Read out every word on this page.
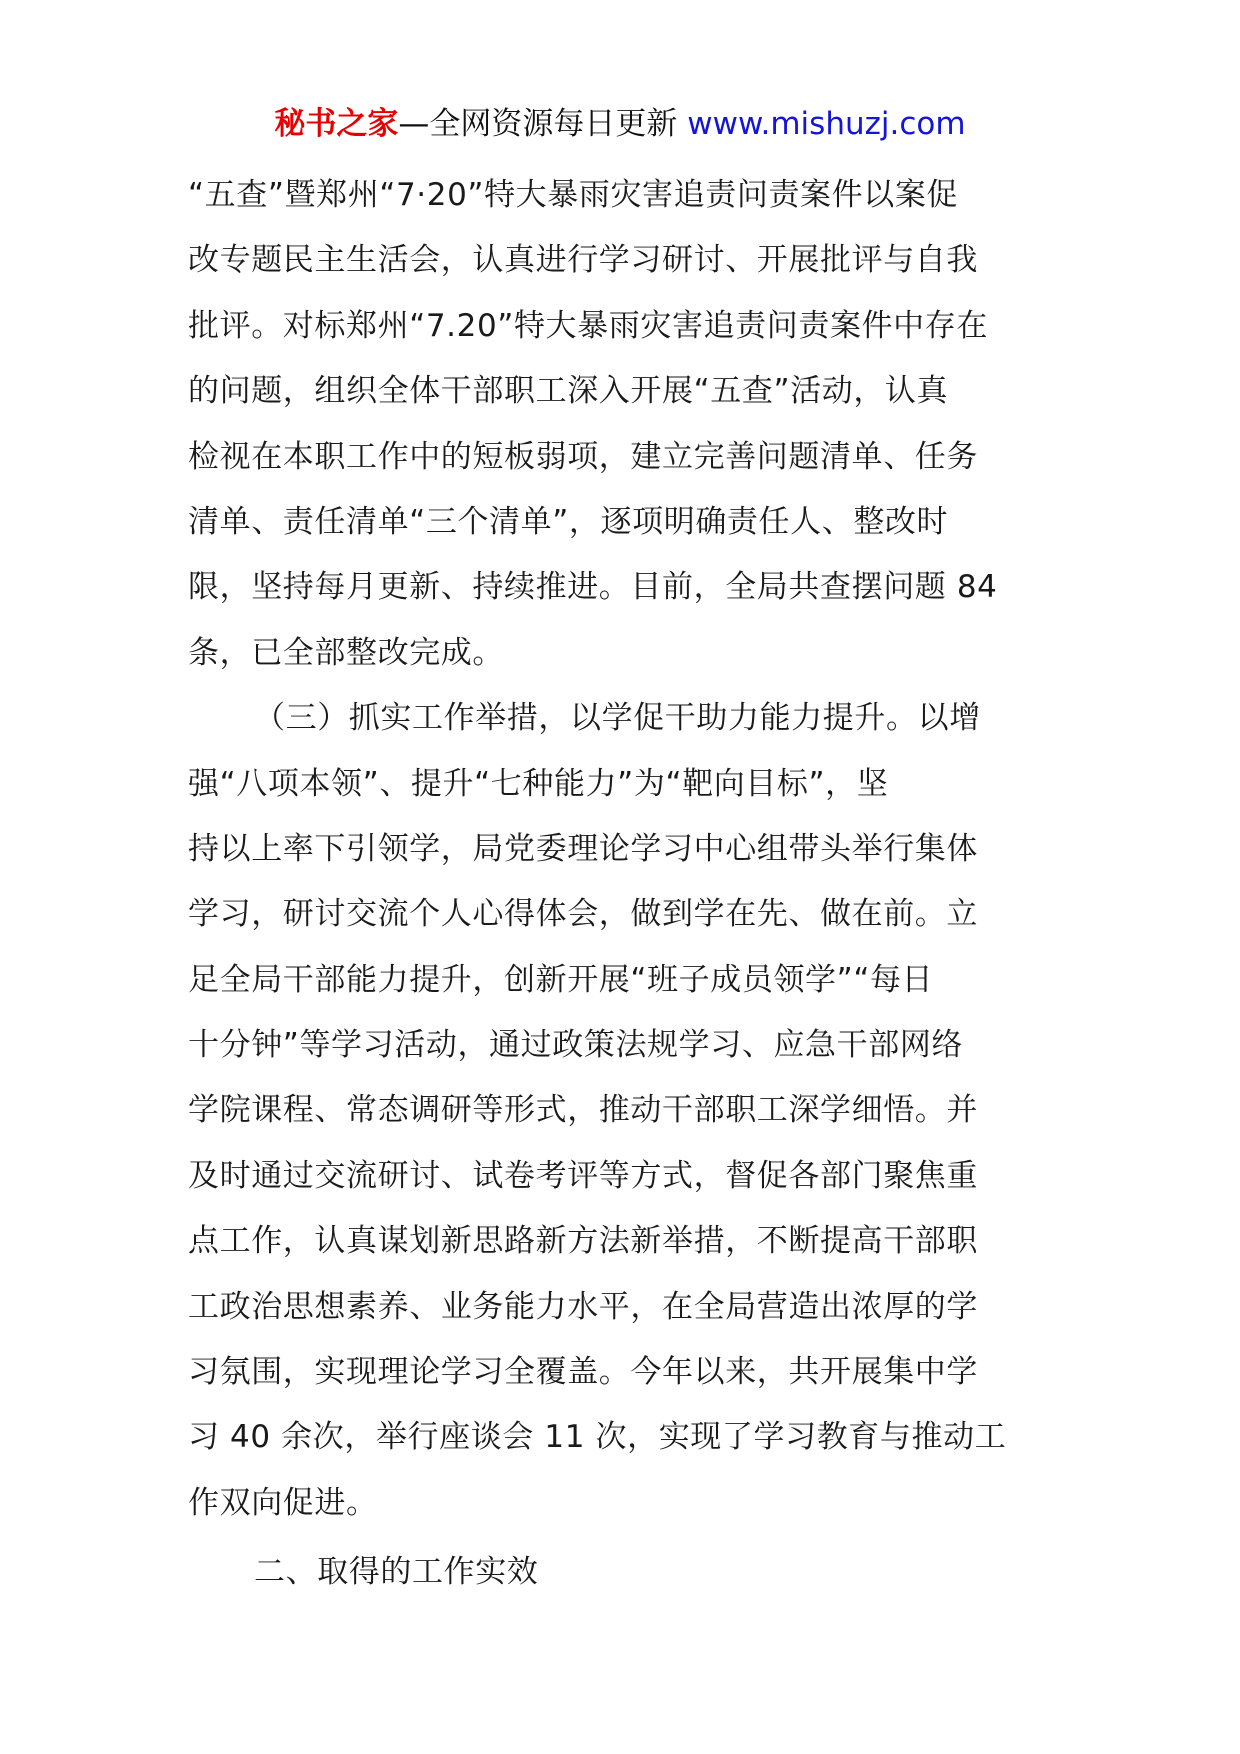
秘书之家—全网资源每日更新 www.mishuzj.com
“五查”暨郑州“7·20”特大暴雨灾害追责问责案件以案促
改专题民主生活会，认真进行学习研讨、开展批评与自我
批评。对标郑州“7.20”特大暴雨灾害追责问责案件中存在
的问题，组织全体干部职工深入开展“五查”活动，认真
检视在本职工作中的短板弱项，建立完善问题清单、任务
清单、责任清单“三个清单”，逐项明确责任人、整改时
限，坚持每月更新、持续推进。目前，全局共查摆问题 84
条，已全部整改完成。
（三）抓实工作举措，以学促干助力能力提升。以增
强“八项本领”、提升“七种能力”为“靶向目标”，坚
持以上率下引领学，局党委理论学习中心组带头举行集体
学习，研讨交流个人心得体会，做到学在先、做在前。立
足全局干部能力提升，创新开展“班子成员领学”“每日
十分钟”等学习活动，通过政策法规学习、应急干部网络
学院课程、常态调研等形式，推动干部职工深学细悟。并
及时通过交流研讨、试卷考评等方式，督促各部门聚焦重
点工作，认真谋划新思路新方法新举措，不断提高干部职
工政治思想素养、业务能力水平，在全局营造出浓厚的学
习氛围，实现理论学习全覆盖。今年以来，共开展集中学
习 40 余次，举行座谈会 11 次，实现了学习教育与推动工
作双向促进。
二、取得的工作实效
